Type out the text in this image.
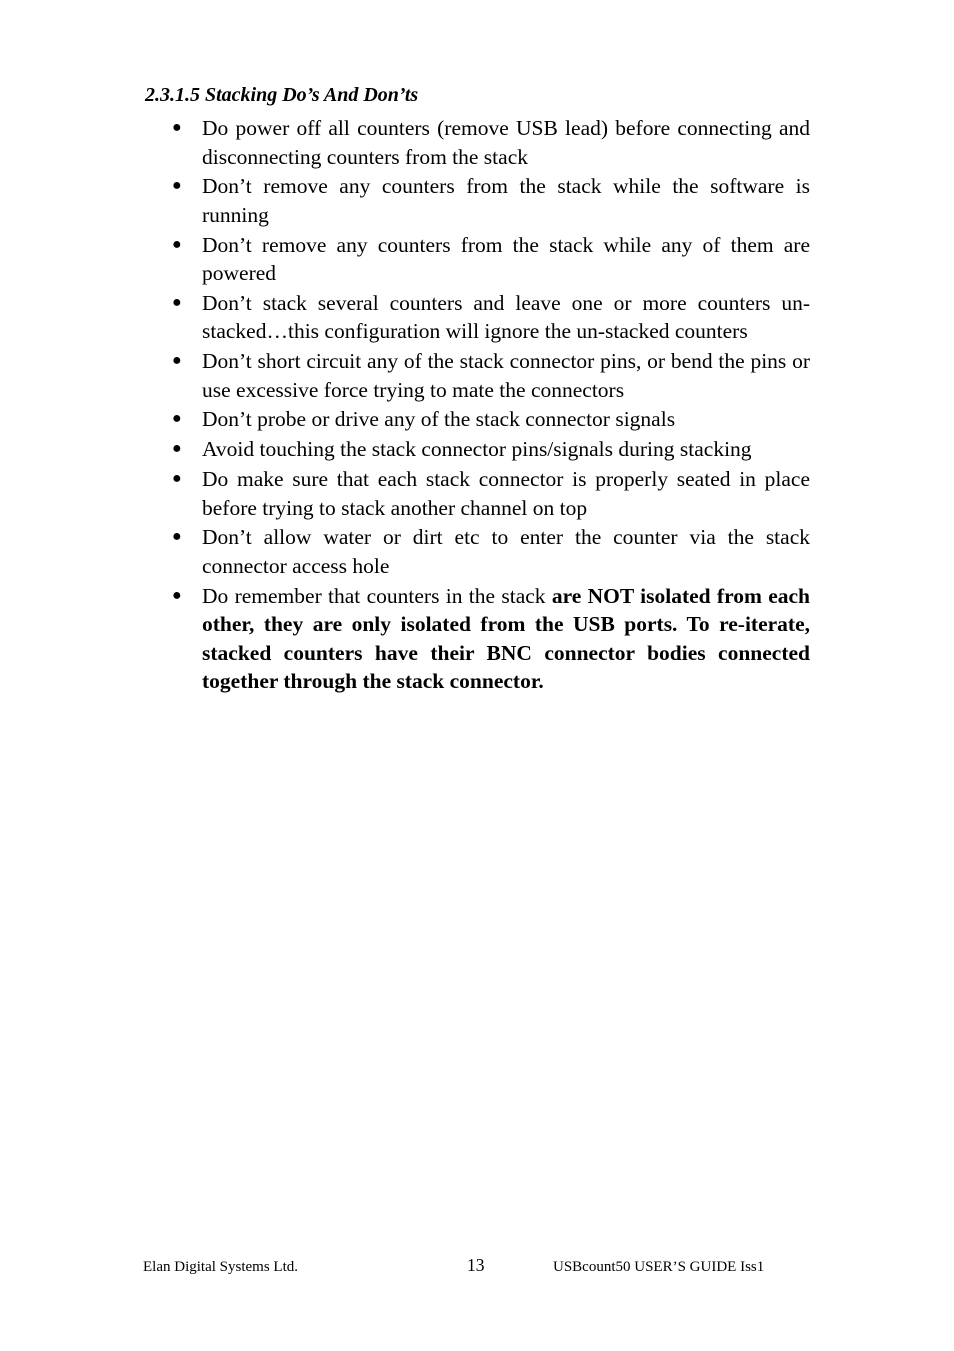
2.3.1.5 Stacking Do’s And Don’ts
● Do power off all counters (remove USB lead) before connecting and disconnecting counters from the stack
● Don’t remove any counters from the stack while the software is running
● Don’t remove any counters from the stack while any of them are powered
● Don’t stack several counters and leave one or more counters un-stacked…this configuration will ignore the un-stacked counters
● Don’t short circuit any of the stack connector pins, or bend the pins or use excessive force trying to mate the connectors
● Don’t probe or drive any of the stack connector signals
● Avoid touching the stack connector pins/signals during stacking
● Do make sure that each stack connector is properly seated in place before trying to stack another channel on top
● Don’t allow water or dirt etc to enter the counter via the stack connector access hole
● Do remember that counters in the stack are NOT isolated from each other, they are only isolated from the USB ports. To re-iterate, stacked counters have their BNC connector bodies connected together through the stack connector.
Elan Digital Systems Ltd.	13	USBcount50 USER’S GUIDE Iss1
